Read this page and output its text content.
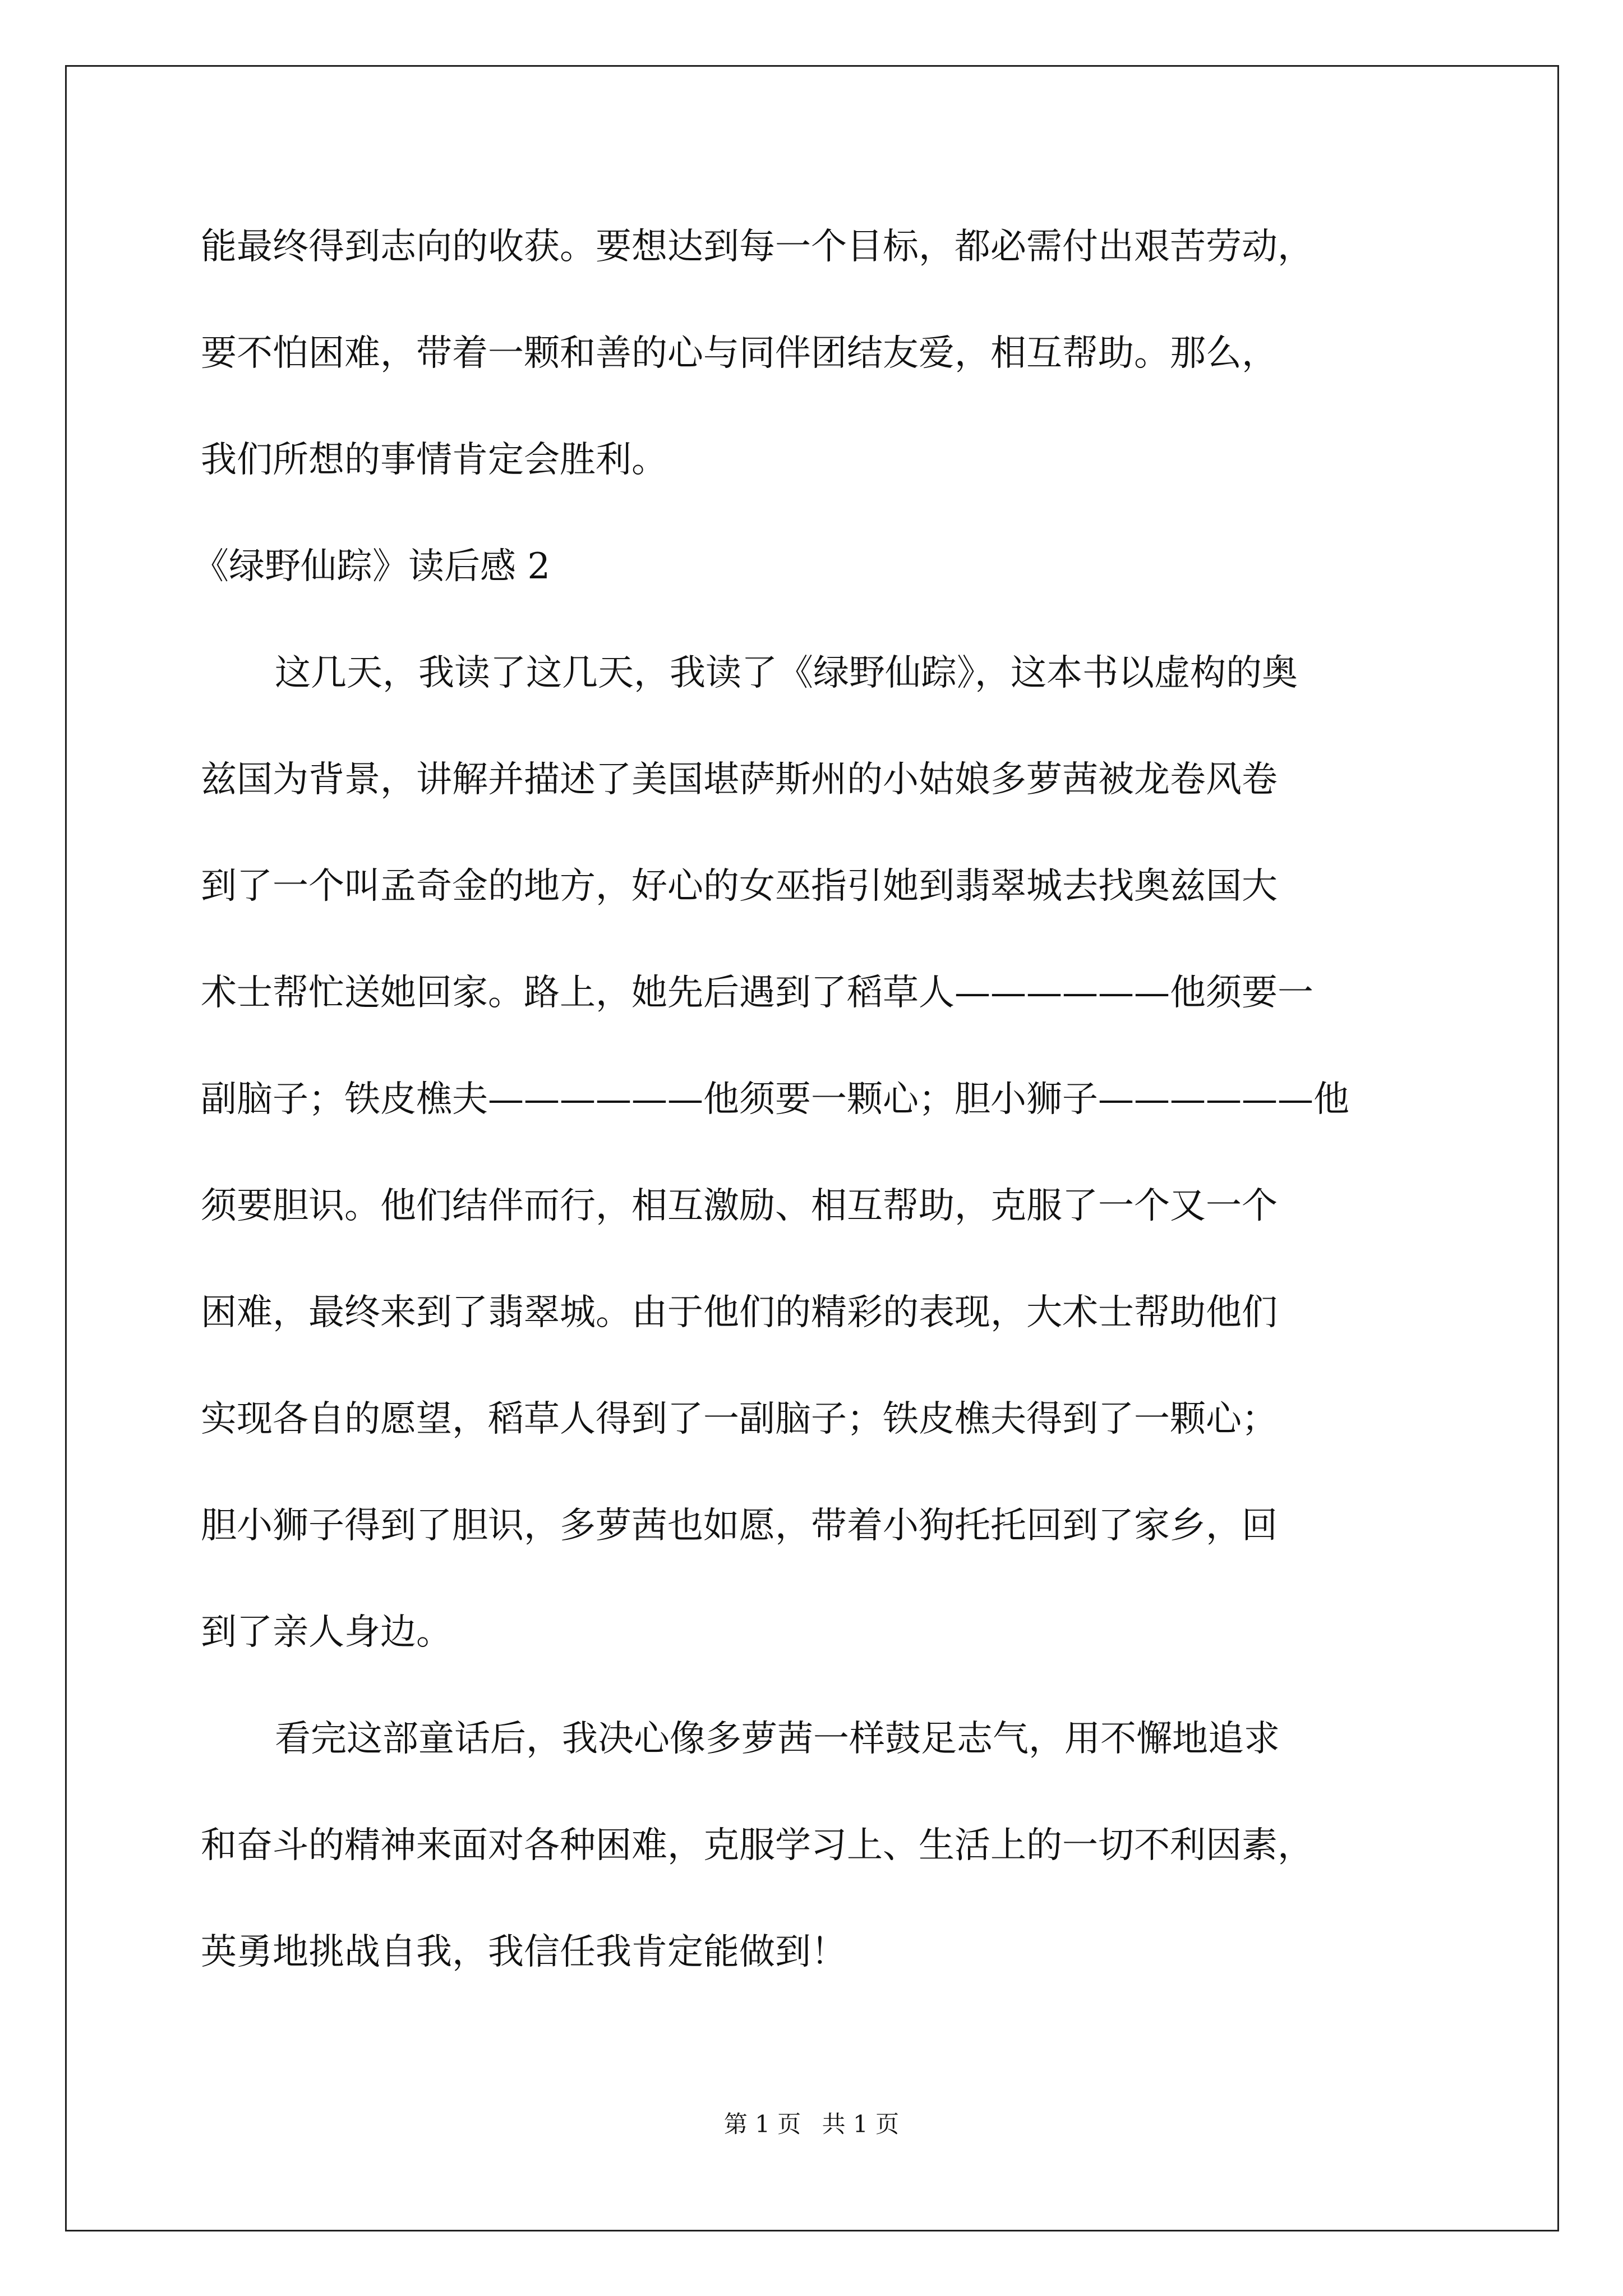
能最终得到志向的收获。要想达到每一个目标，都必需付出艰苦劳动，

要不怕困难，带着一颗和善的心与同伴团结友爱，相互帮助。那么，

我们所想的事情肯定会胜利。

《绿野仙踪》读后感 2

这几天，我读了这几天，我读了《绿野仙踪》，这本书以虚构的奥

兹国为背景，讲解并描述了美国堪萨斯州的小姑娘多萝茜被龙卷风卷

到了一个叫孟奇金的地方，好心的女巫指引她到翡翠城去找奥兹国大

术士帮忙送她回家。路上，她先后遇到了稻草人——————他须要一

副脑子；铁皮樵夫——————他须要一颗心；胆小狮子——————他

须要胆识。他们结伴而行，相互激励、相互帮助，克服了一个又一个

困难，最终来到了翡翠城。由于他们的精彩的表现，大术士帮助他们

实现各自的愿望，稻草人得到了一副脑子；铁皮樵夫得到了一颗心；

胆小狮子得到了胆识，多萝茜也如愿，带着小狗托托回到了家乡，回

到了亲人身边。

看完这部童话后，我决心像多萝茜一样鼓足志气，用不懈地追求

和奋斗的精神来面对各种困难，克服学习上、生活上的一切不利因素，

英勇地挑战自我，我信任我肯定能做到！

第 1 页 共 1 页
